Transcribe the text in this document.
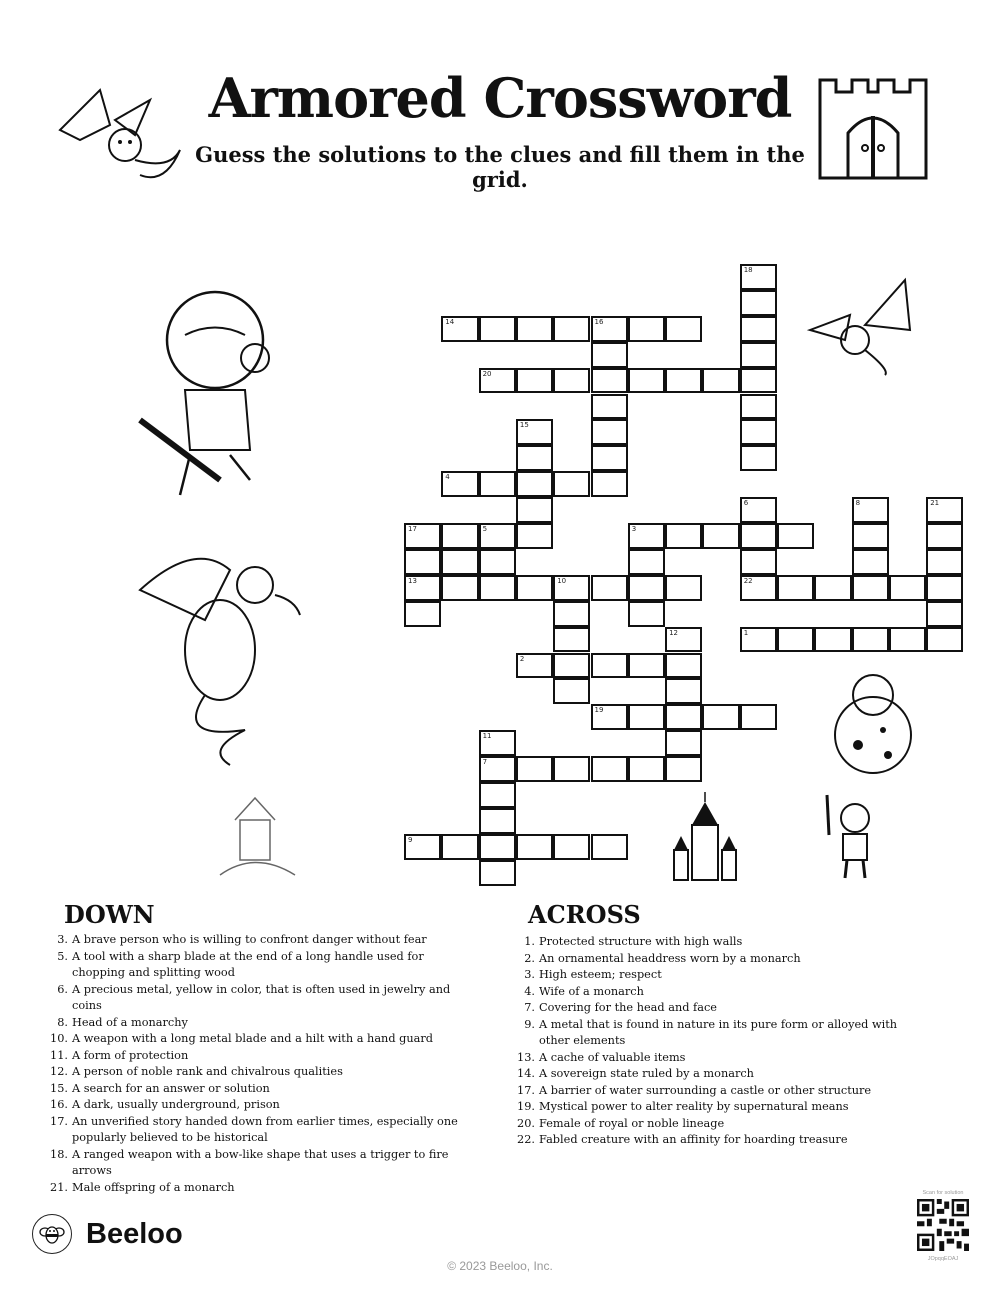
Armored Crossword
Guess the solutions to the clues and fill them in the grid.
18
14	16
20
15
4
6	8	21
17	5	3
13	10	22
12	1
2
19
11
7
9
DOWN
3. A brave person who is willing to confront danger without fear
5. A tool with a sharp blade at the end of a long handle used for chopping and splitting wood
6. A precious metal, yellow in color, that is often used in jewelry and coins
8. Head of a monarchy
10. A weapon with a long metal blade and a hilt with a hand guard
11. A form of protection
12. A person of noble rank and chivalrous qualities
15. A search for an answer or solution
16. A dark, usually underground, prison
17. An unverified story handed down from earlier times, especially one popularly believed to be historical
18. A ranged weapon with a bow-like shape that uses a trigger to fire arrows
21. Male offspring of a monarch
ACROSS
1. Protected structure with high walls
2. An ornamental headdress worn by a monarch
3. High esteem; respect
4. Wife of a monarch
7. Covering for the head and face
9. A metal that is found in nature in its pure form or alloyed with other elements
13. A cache of valuable items
14. A sovereign state ruled by a monarch
17. A barrier of water surrounding a castle or other structure
19. Mystical power to alter reality by supernatural means
20. Female of royal or noble lineage
22. Fabled creature with an affinity for hoarding treasure
Beeloo
© 2023 Beeloo, Inc.
Scan for solution
JOpqqEOAJ
